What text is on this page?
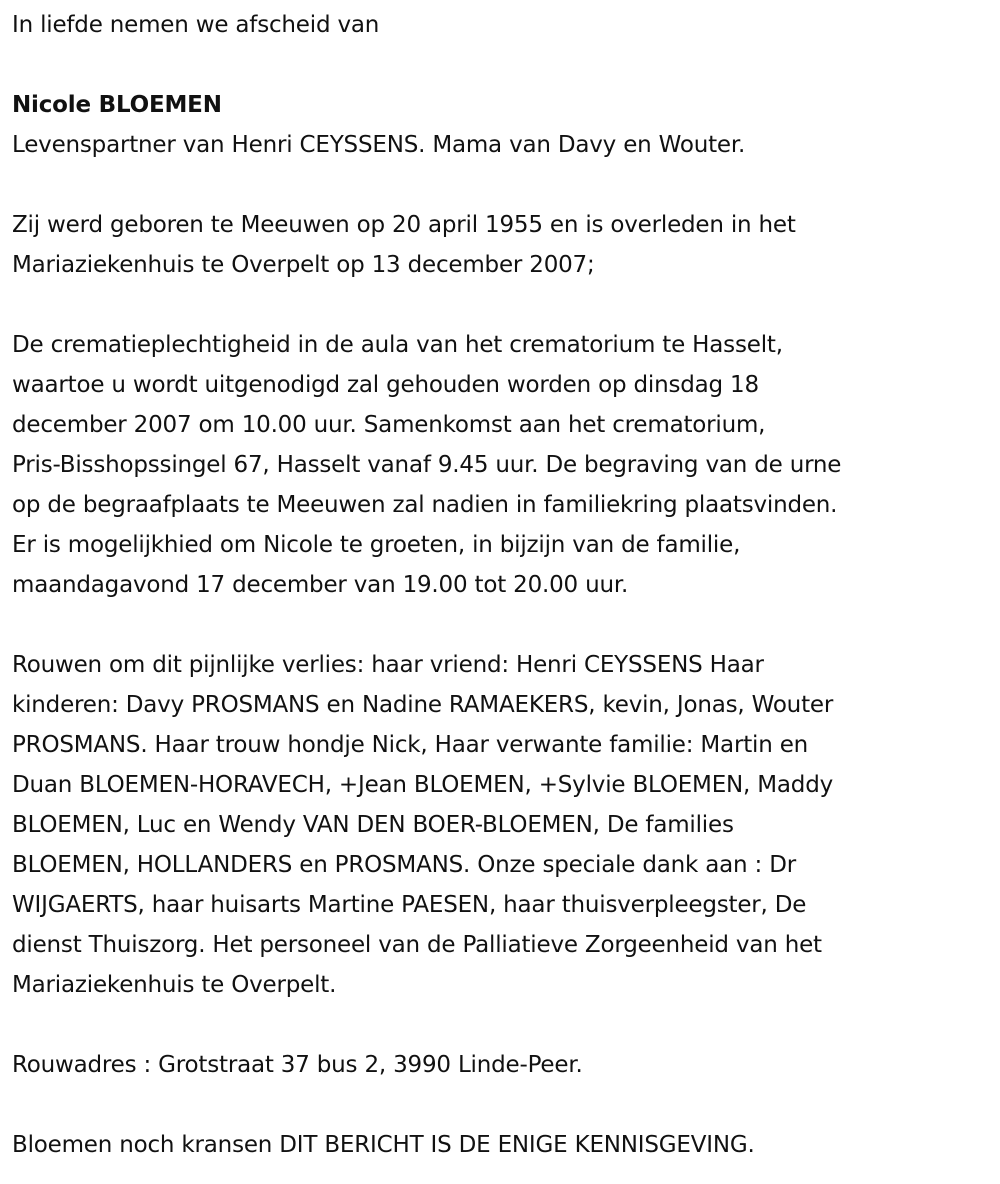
In liefde nemen we afscheid van
Nicole BLOEMEN
Levenspartner van Henri CEYSSENS. Mama van Davy en Wouter.
Zij werd geboren te Meeuwen op 20 april 1955 en is overleden in het
Mariaziekenhuis te Overpelt op 13 december 2007;
De crematieplechtigheid in de aula van het crematorium te Hasselt,
waartoe u wordt uitgenodigd zal gehouden worden op dinsdag 18
december 2007 om 10.00 uur. Samenkomst aan het crematorium,
Pris-Bisshopssingel 67, Hasselt vanaf 9.45 uur. De begraving van de urne
op de begraafplaats te Meeuwen zal nadien in familiekring plaatsvinden.
Er is mogelijkhied om Nicole te groeten, in bijzijn van de familie,
maandagavond 17 december van 19.00 tot 20.00 uur.
Rouwen om dit pijnlijke verlies: haar vriend: Henri CEYSSENS Haar
kinderen: Davy PROSMANS en Nadine RAMAEKERS, kevin, Jonas, Wouter
PROSMANS. Haar trouw hondje Nick, Haar verwante familie: Martin en
Duan BLOEMEN-HORAVECH, +Jean BLOEMEN, +Sylvie BLOEMEN, Maddy
BLOEMEN, Luc en Wendy VAN DEN BOER-BLOEMEN, De families
BLOEMEN, HOLLANDERS en PROSMANS. Onze speciale dank aan : Dr
WIJGAERTS, haar huisarts Martine PAESEN, haar thuisverpleegster, De
dienst Thuiszorg. Het personeel van de Palliatieve Zorgeenheid van het
Mariaziekenhuis te Overpelt.
Rouwadres : Grotstraat 37 bus 2, 3990 Linde-Peer.
Bloemen noch kransen DIT BERICHT IS DE ENIGE KENNISGEVING.
